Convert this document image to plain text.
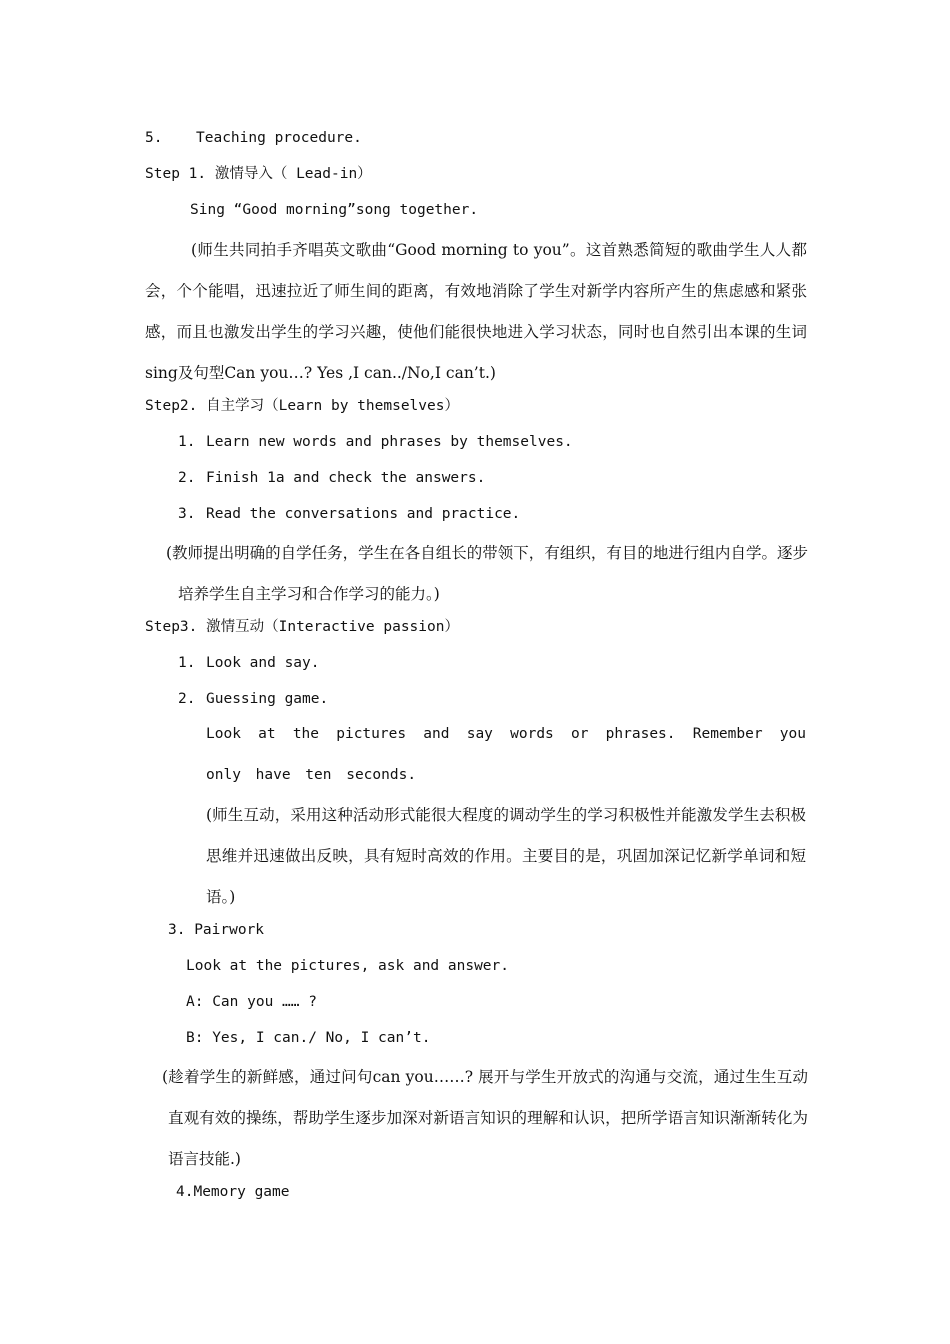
5. Teaching procedure.
Step 1. 激情导入（ Lead-in）
Sing “Good morning”song together.

(师生共同拍手齐唱英文歌曲“Good morning to you”。这首熟悉简短的歌曲学生人人都会，个个能唱，迅速拉近了师生间的距离，有效地消除了学生对新学内容所产生的焦虑感和紧张感，而且也激发出学生的学习兴趣，使他们能很快地进入学习状态，同时也自然引出本课的生词sing及句型Can you…? Yes ,I can../No,I can’t.)

Step2. 自主学习（Learn by themselves）
1. Learn new words and phrases by themselves.
2. Finish 1a and check the answers.
3. Read the conversations and practice.

(教师提出明确的自学任务，学生在各自组长的带领下，有组织，有目的地进行组内自学。逐步培养学生自主学习和合作学习的能力。)

Step3. 激情互动（Interactive passion）
1. Look and say.
2. Guessing game.

Look at the pictures and say words or phrases. Remember you only have ten seconds.

(师生互动，采用这种活动形式能很大程度的调动学生的学习积极性并能激发学生去积极思维并迅速做出反映，具有短时高效的作用。主要目的是，巩固加深记忆新学单词和短语。)

3. Pairwork
Look at the pictures, ask and answer.
A: Can you …… ?
B: Yes, I can./ No, I can’t.

(趁着学生的新鲜感，通过问句can you……? 展开与学生开放式的沟通与交流，通过生生互动直观有效的操练，帮助学生逐步加深对新语言知识的理解和认识，把所学语言知识渐渐转化为语言技能.)

4.Memory game
